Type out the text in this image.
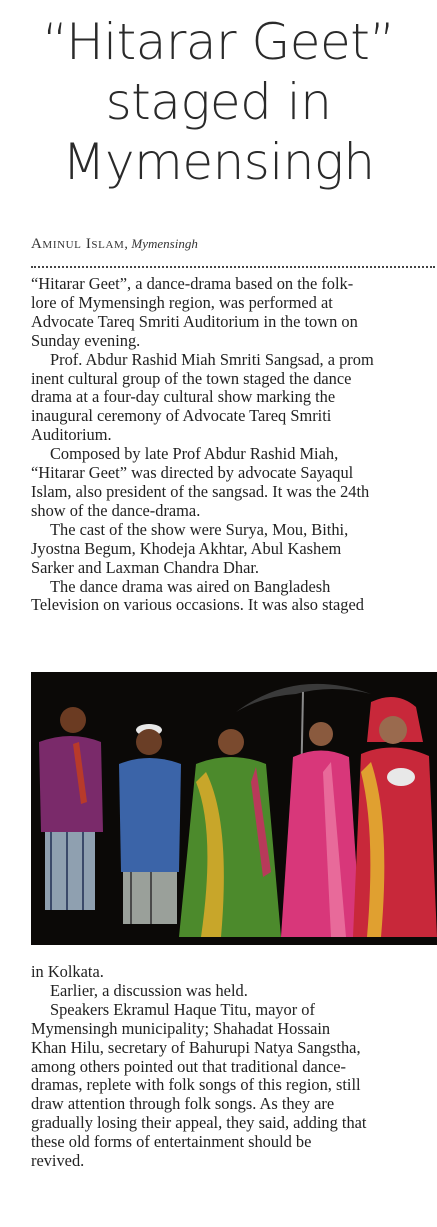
“Hitarar Geet”
staged in
Mymensingh
Aminul Islam, Mymensingh
“Hitarar Geet”, a dance-drama based on the folk-
lore of Mymensingh region, was performed at
Advocate Tareq Smriti Auditorium in the town on
Sunday evening.
Prof. Abdur Rashid Miah Smriti Sangsad, a prom
inent cultural group of the town staged the dance
drama at a four-day cultural show marking the
inaugural ceremony of Advocate Tareq Smriti
Auditorium.
Composed by late Prof Abdur Rashid Miah,
“Hitarar Geet” was directed by advocate Sayaqul
Islam, also president of the sangsad. It was the 24th
show of the dance-drama.
The cast of the show were Surya, Mou, Bithi,
Jyostna Begum, Khodeja Akhtar, Abul Kashem
Sarker and Laxman Chandra Dhar.
The dance drama was aired on Bangladesh
Television on various occasions. It was also staged
in Kolkata.
Earlier, a discussion was held.
Speakers Ekramul Haque Titu, mayor of
Mymensingh municipality; Shahadat Hossain
Khan Hilu, secretary of Bahurupi Natya Sangstha,
among others pointed out that traditional dance-
dramas, replete with folk songs of this region, still
draw attention through folk songs. As they are
gradually losing their appeal, they said, adding that
these old forms of entertainment should be
revived.
